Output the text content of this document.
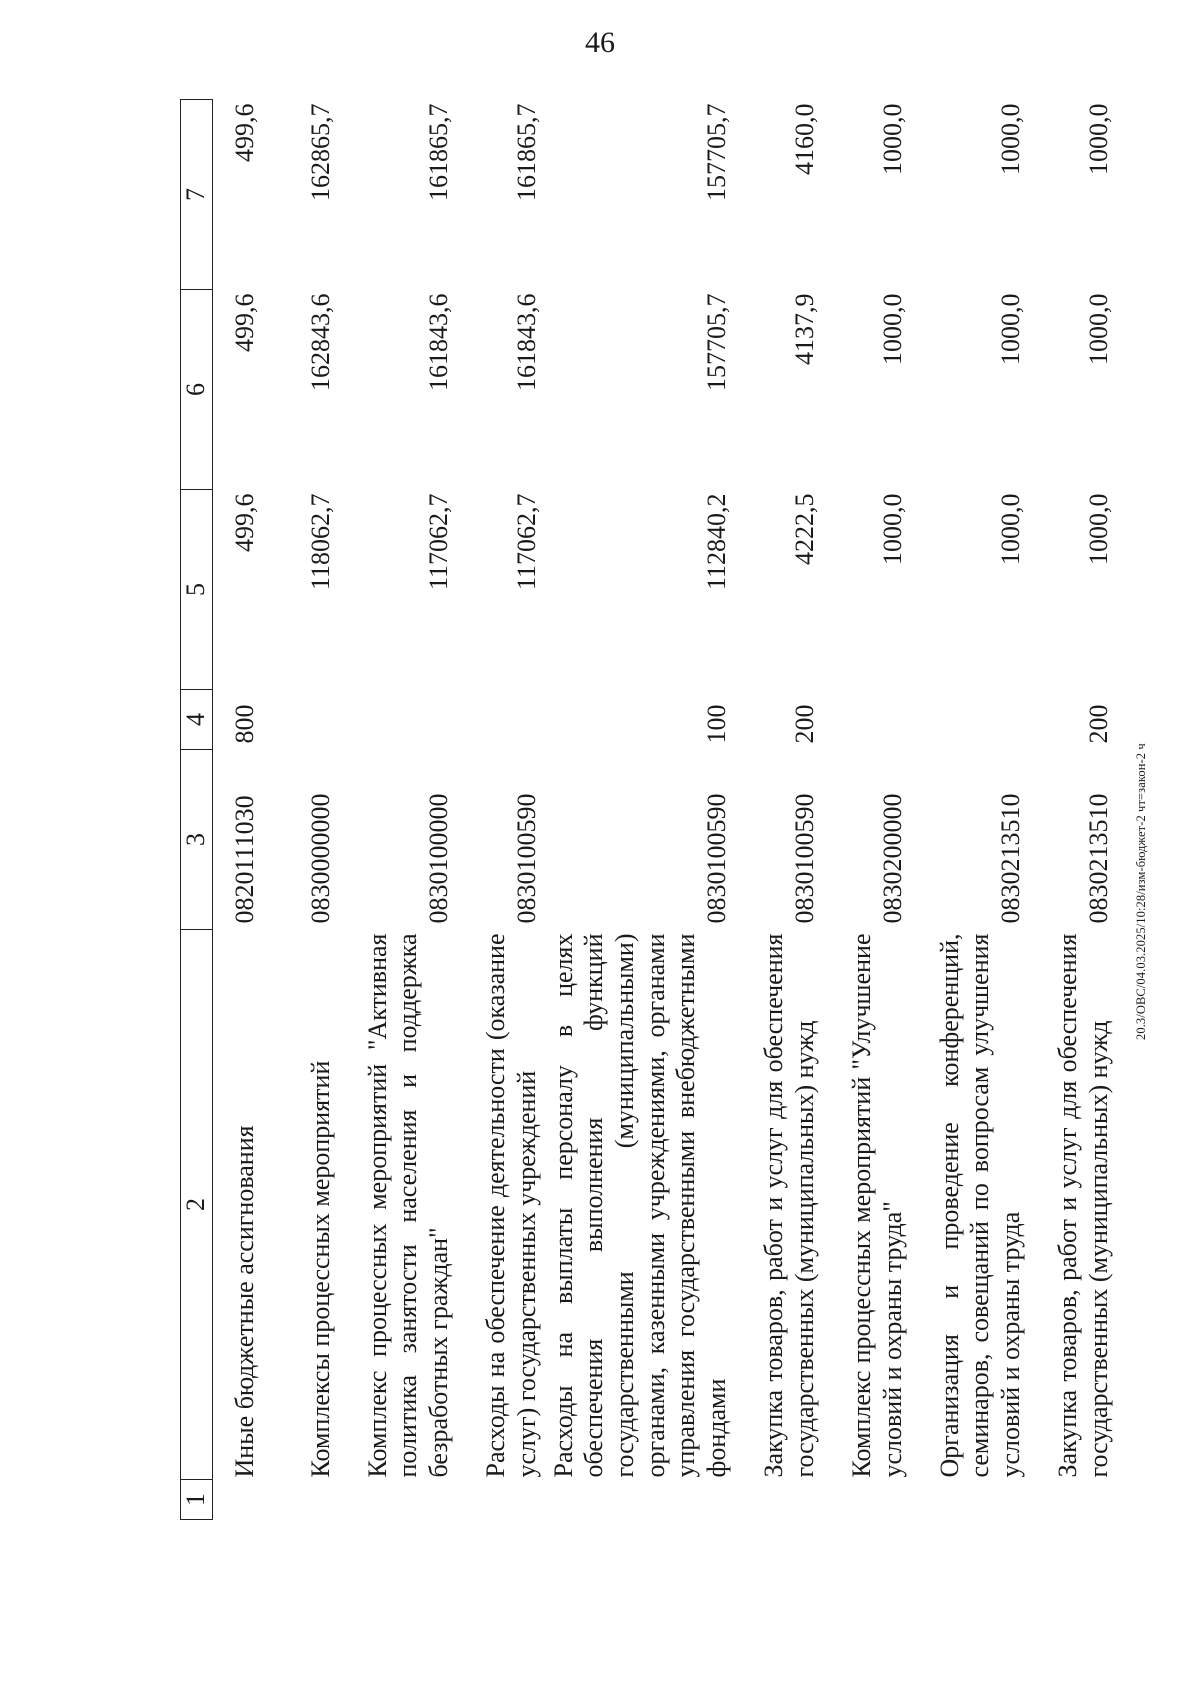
46
20.3/ОВС/04.03.2025/10:28/изм-бюджет-2 чт=закон-2 ч
1	2	3	4	5	6	7
	Иные бюджетные ассигнования	0820111030	800	499,6	499,6	499,6
	Комплексы процессных мероприятий	0830000000		118062,7	162843,6	162865,7
	Комплекс процессных мероприятий "Активная политика занятости населения и поддержка безработных граждан"	0830100000		117062,7	161843,6	161865,7
	Расходы на обеспечение деятельности (оказание услуг) государственных учреждений	0830100590		117062,7	161843,6	161865,7
	Расходы на выплаты персоналу в целях обеспечения выполнения функций государственными (муниципальными) органами, казенными учреждениями, органами управления государственными внебюджетными фондами	0830100590	100	112840,2	157705,7	157705,7
	Закупка товаров, работ и услуг для обеспечения государственных (муниципальных) нужд	0830100590	200	4222,5	4137,9	4160,0
	Комплекс процессных мероприятий "Улучшение условий и охраны труда"	0830200000		1000,0	1000,0	1000,0
	Организация и проведение конференций, семинаров, совещаний по вопросам улучшения условий и охраны труда	0830213510		1000,0	1000,0	1000,0
	Закупка товаров, работ и услуг для обеспечения государственных (муниципальных) нужд	0830213510	200	1000,0	1000,0	1000,0
